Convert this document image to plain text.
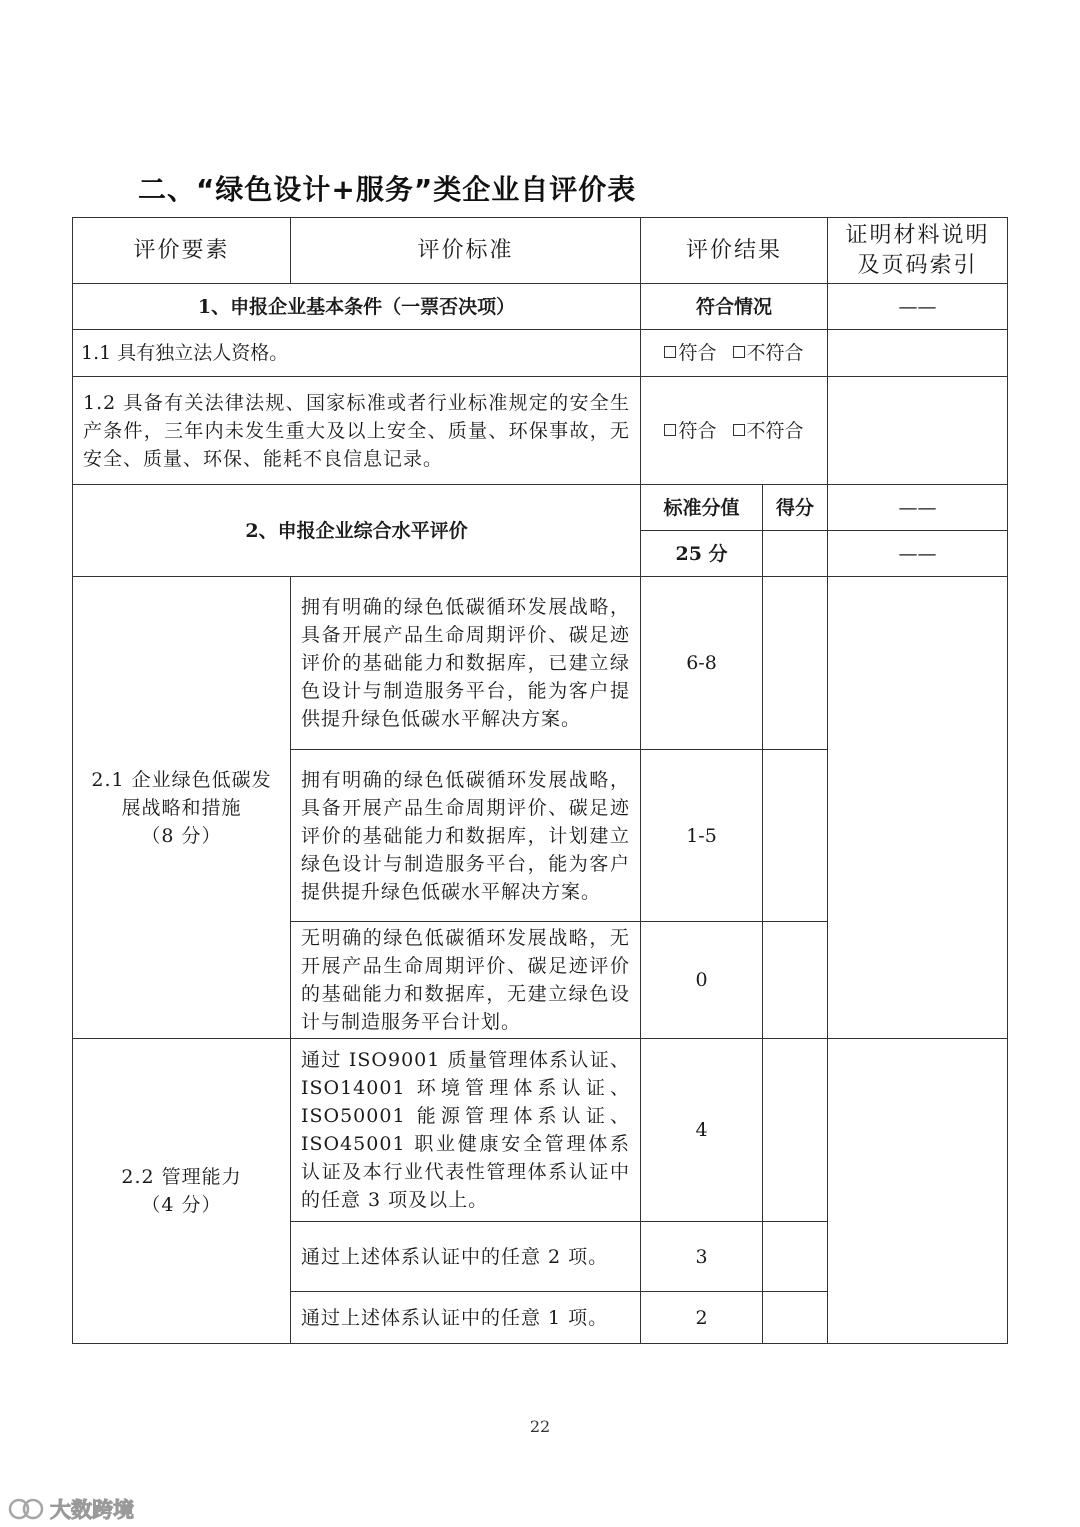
二、“绿色设计+服务”类企业自评价表
评价要素	评价标准	评价结果		证明材料说明
及页码索引

1、申报企业基本条件（一票否决项）		符合情况		——
1.1 具有独立法人资格。		符合 不符合		
1.2 具备有关法律法规、国家标准或者行业标准规定的安全生产条件，三年内未发生重大及以上安全、质量、环保事故，无安全、质量、环保、能耗不良信息记录。		符合 不符合		
2、申报企业综合水平评价		标准分值	得分	——
		25 分		——

2.1 企业绿色低碳发
展战略和措施
（8 分）	拥有明确的绿色低碳循环发展战略，具备开展产品生命周期评价、碳足迹评价的基础能力和数据库，已建立绿色设计与制造服务平台，能为客户提供提升绿色低碳水平解决方案。	6-8		
	拥有明确的绿色低碳循环发展战略，具备开展产品生命周期评价、碳足迹评价的基础能力和数据库，计划建立绿色设计与制造服务平台，能为客户提供提升绿色低碳水平解决方案。	1-5		
	无明确的绿色低碳循环发展战略，无开展产品生命周期评价、碳足迹评价的基础能力和数据库，无建立绿色设计与制造服务平台计划。	0		

2.2 管理能力
（4 分）	通过 ISO9001 质量管理体系认证、ISO14001 环境管理体系认证、ISO50001 能源管理体系认证、ISO45001 职业健康安全管理体系认证及本行业代表性管理体系认证中的任意 3 项及以上。	4		
	通过上述体系认证中的任意 2 项。	3		
	通过上述体系认证中的任意 1 项。	2		
22
大数跨境
